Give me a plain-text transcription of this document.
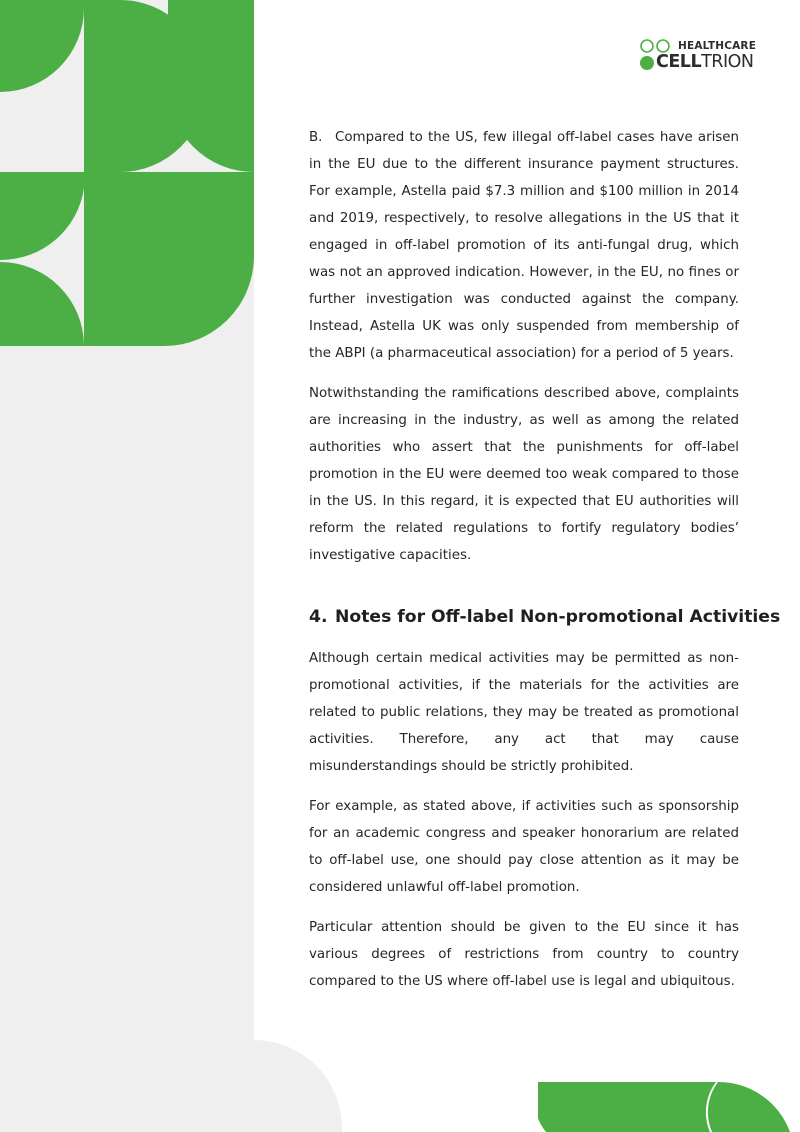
HEALTHCARE
CELLTRION

B. Compared to the US, few illegal off-label cases have arisen in the EU due to the different insurance payment structures. For example, Astella paid $7.3 million and $100 million in 2014 and 2019, respectively, to resolve allegations in the US that it engaged in off-label promotion of its anti-fungal drug, which was not an approved indication. However, in the EU, no fines or further investigation was conducted against the company. Instead, Astella UK was only suspended from membership of the ABPI (a pharmaceutical association) for a period of 5 years.

Notwithstanding the ramifications described above, complaints are increasing in the industry, as well as among the related authorities who assert that the punishments for off-label promotion in the EU were deemed too weak compared to those in the US. In this regard, it is expected that EU authorities will reform the related regulations to fortify regulatory bodies’ investigative capacities.

4. Notes for Off-label Non-promotional Activities

Although certain medical activities may be permitted as non-promotional activities, if the materials for the activities are related to public relations, they may be treated as promotional activities. Therefore, any act that may cause misunderstandings should be strictly prohibited.

For example, as stated above, if activities such as sponsorship for an academic congress and speaker honorarium are related to off-label use, one should pay close attention as it may be considered unlawful off-label promotion.

Particular attention should be given to the EU since it has various degrees of restrictions from country to country compared to the US where off-label use is legal and ubiquitous.
